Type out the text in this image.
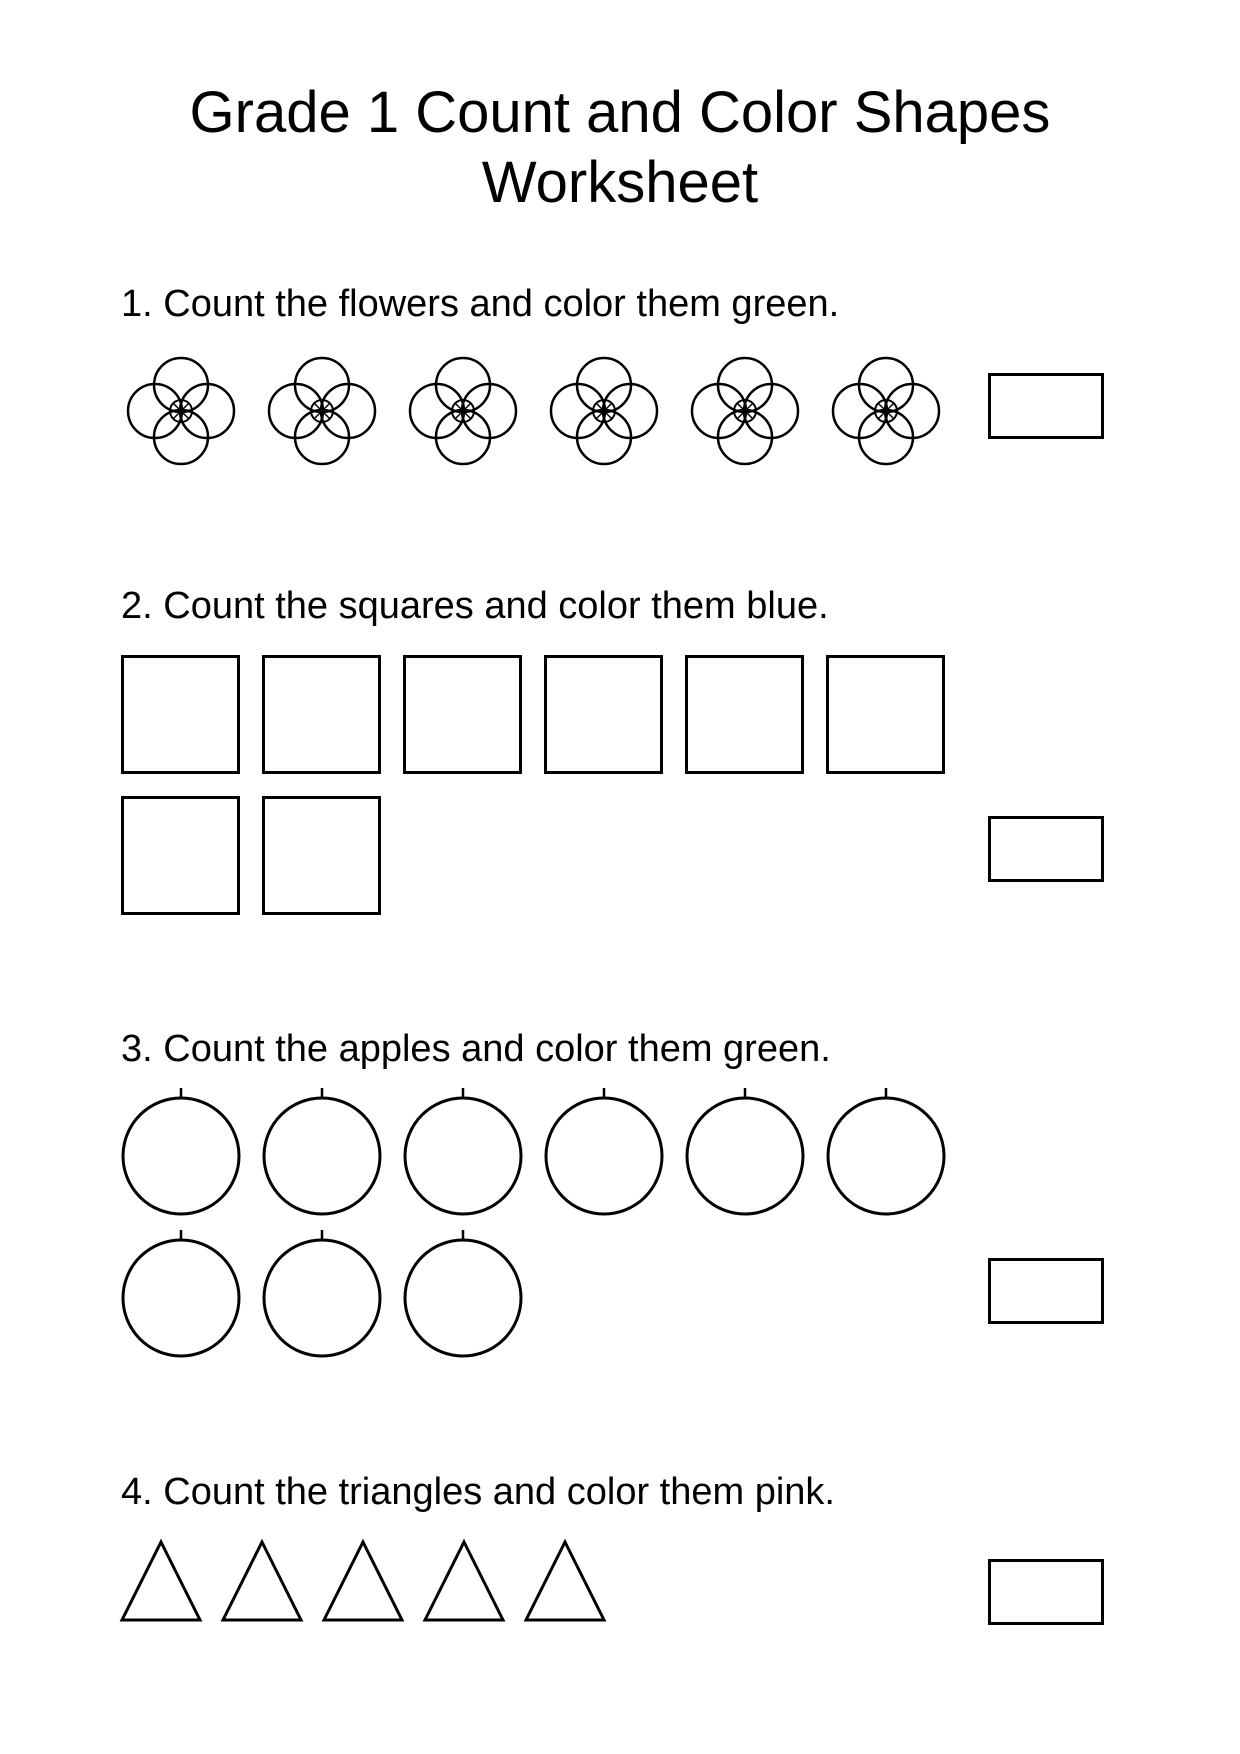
Grade 1 Count and Color Shapes
Worksheet

1. Count the flowers and color them green.

2. Count the squares and color them blue.

3. Count the apples and color them green.

4. Count the triangles and color them pink.
